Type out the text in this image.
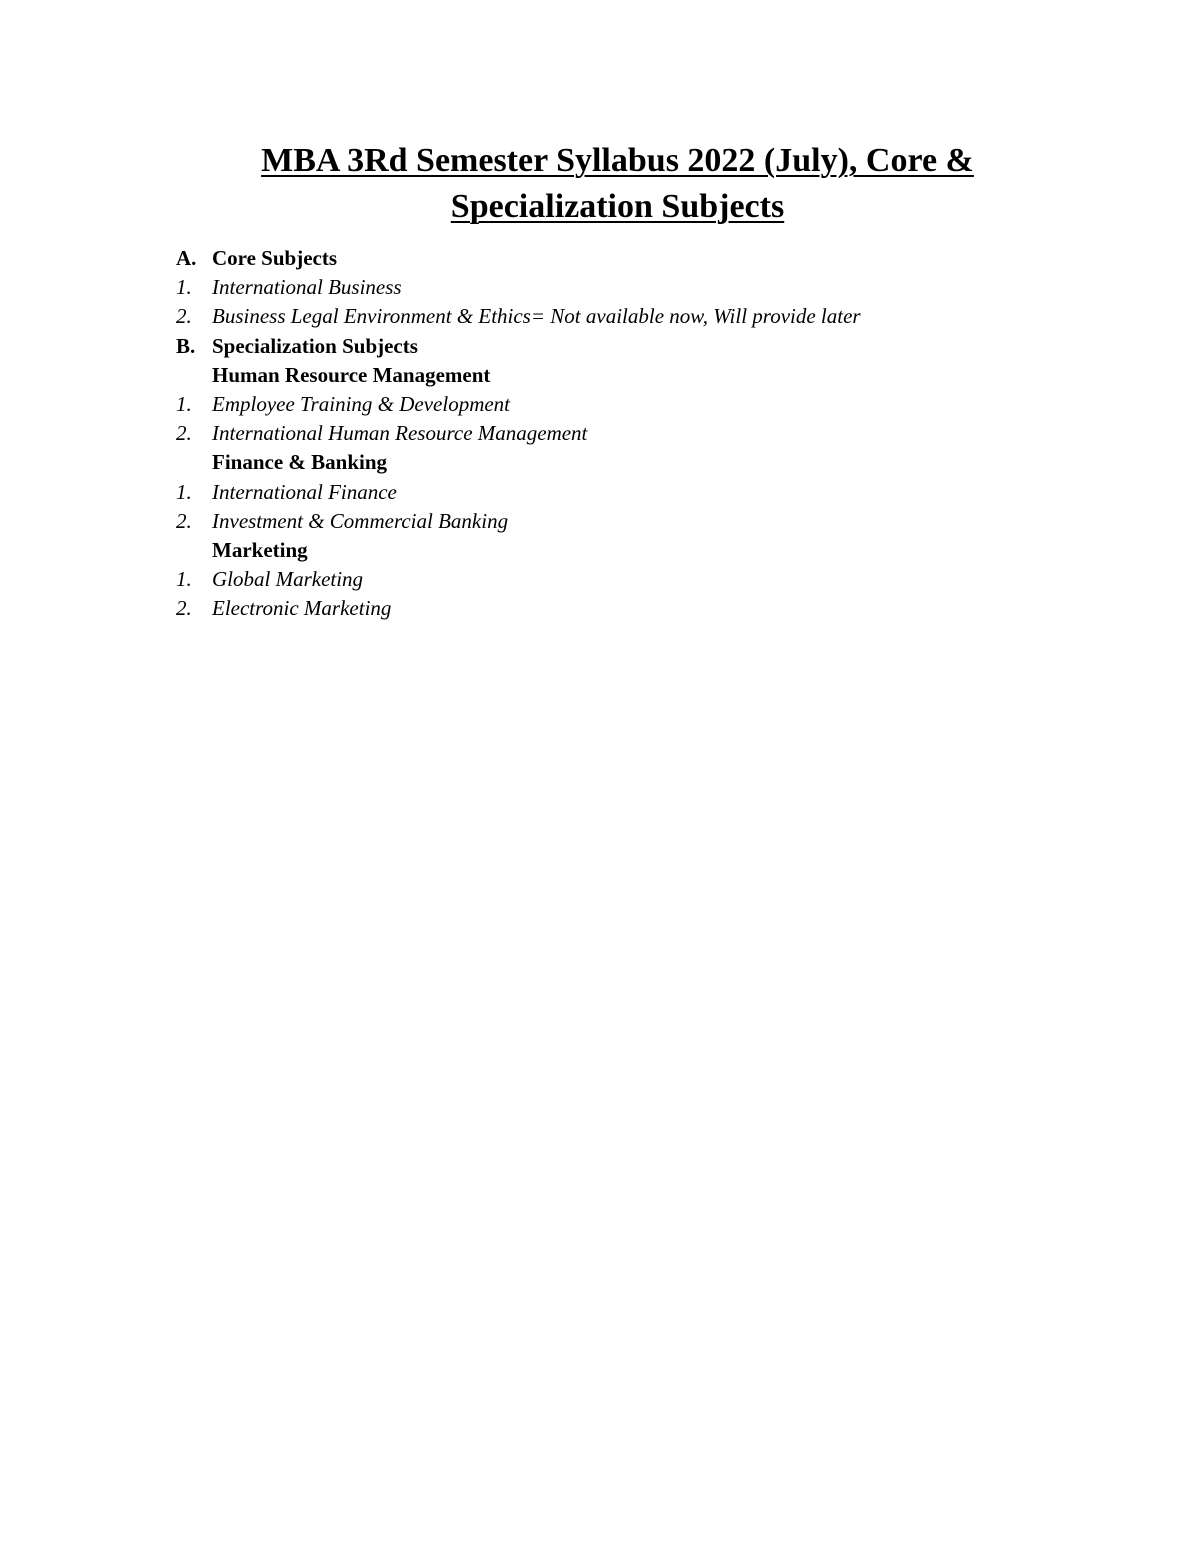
MBA 3Rd Semester Syllabus 2022 (July), Core &
Specialization Subjects
A. Core Subjects
1. International Business
2. Business Legal Environment & Ethics= Not available now, Will provide later
B. Specialization Subjects
Human Resource Management
1. Employee Training & Development
2. International Human Resource Management
Finance & Banking
1. International Finance
2. Investment & Commercial Banking
Marketing
1. Global Marketing
2. Electronic Marketing
